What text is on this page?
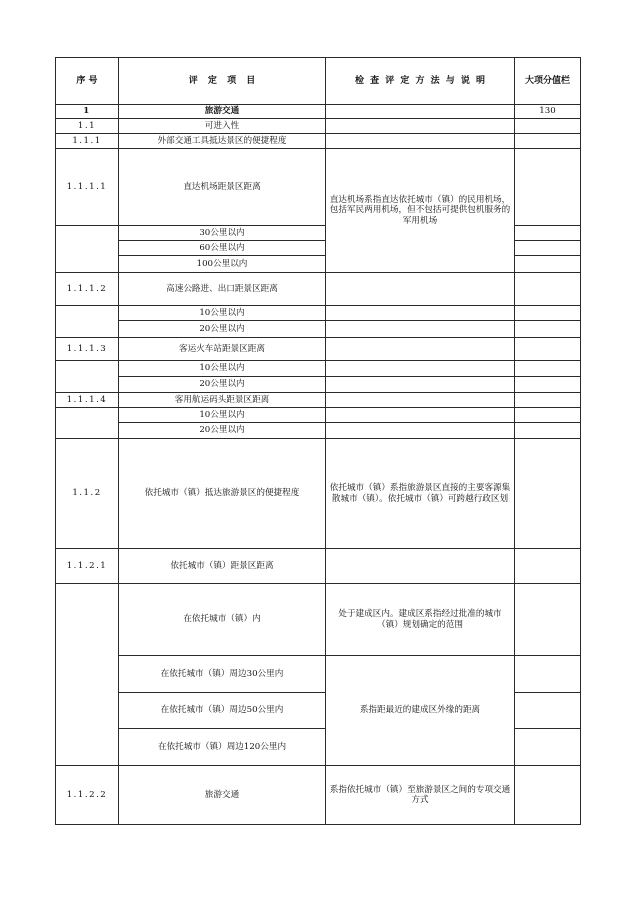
序 号	评 定 项 目	检 查 评 定 方 法 与 说 明	大项分值栏
1	旅游交通		130
1.1	可进入性		
1.1.1	外部交通工具抵达景区的便捷程度		
1.1.1.1	直达机场距景区距离	直达机场系指直达依托城市（镇）的民用机场，包括军民两用机场，但不包括可提供包机服务的军用机场	
	30公里以内		
	60公里以内		
	100公里以内		
1.1.1.2	高速公路进、出口距景区距离		
	10公里以内		
	20公里以内		
1.1.1.3	客运火车站距景区距离		
	10公里以内		
	20公里以内		
1.1.1.4	客用航运码头距景区距离		
	10公里以内		
	20公里以内		
1.1.2	依托城市（镇）抵达旅游景区的便捷程度	依托城市（镇）系指旅游景区直接的主要客源集散城市（镇）。依托城市（镇）可跨越行政区划	
1.1.2.1	依托城市（镇）距景区距离		
	在依托城市（镇）内	处于建成区内。建成区系指经过批准的城市（镇）规划确定的范围	
	在依托城市（镇）周边30公里内	系指距最近的建成区外缘的距离	
	在依托城市（镇）周边50公里内		
	在依托城市（镇）周边120公里内		
1.1.2.2	旅游交通	系指依托城市（镇）至旅游景区之间的专项交通方式	
